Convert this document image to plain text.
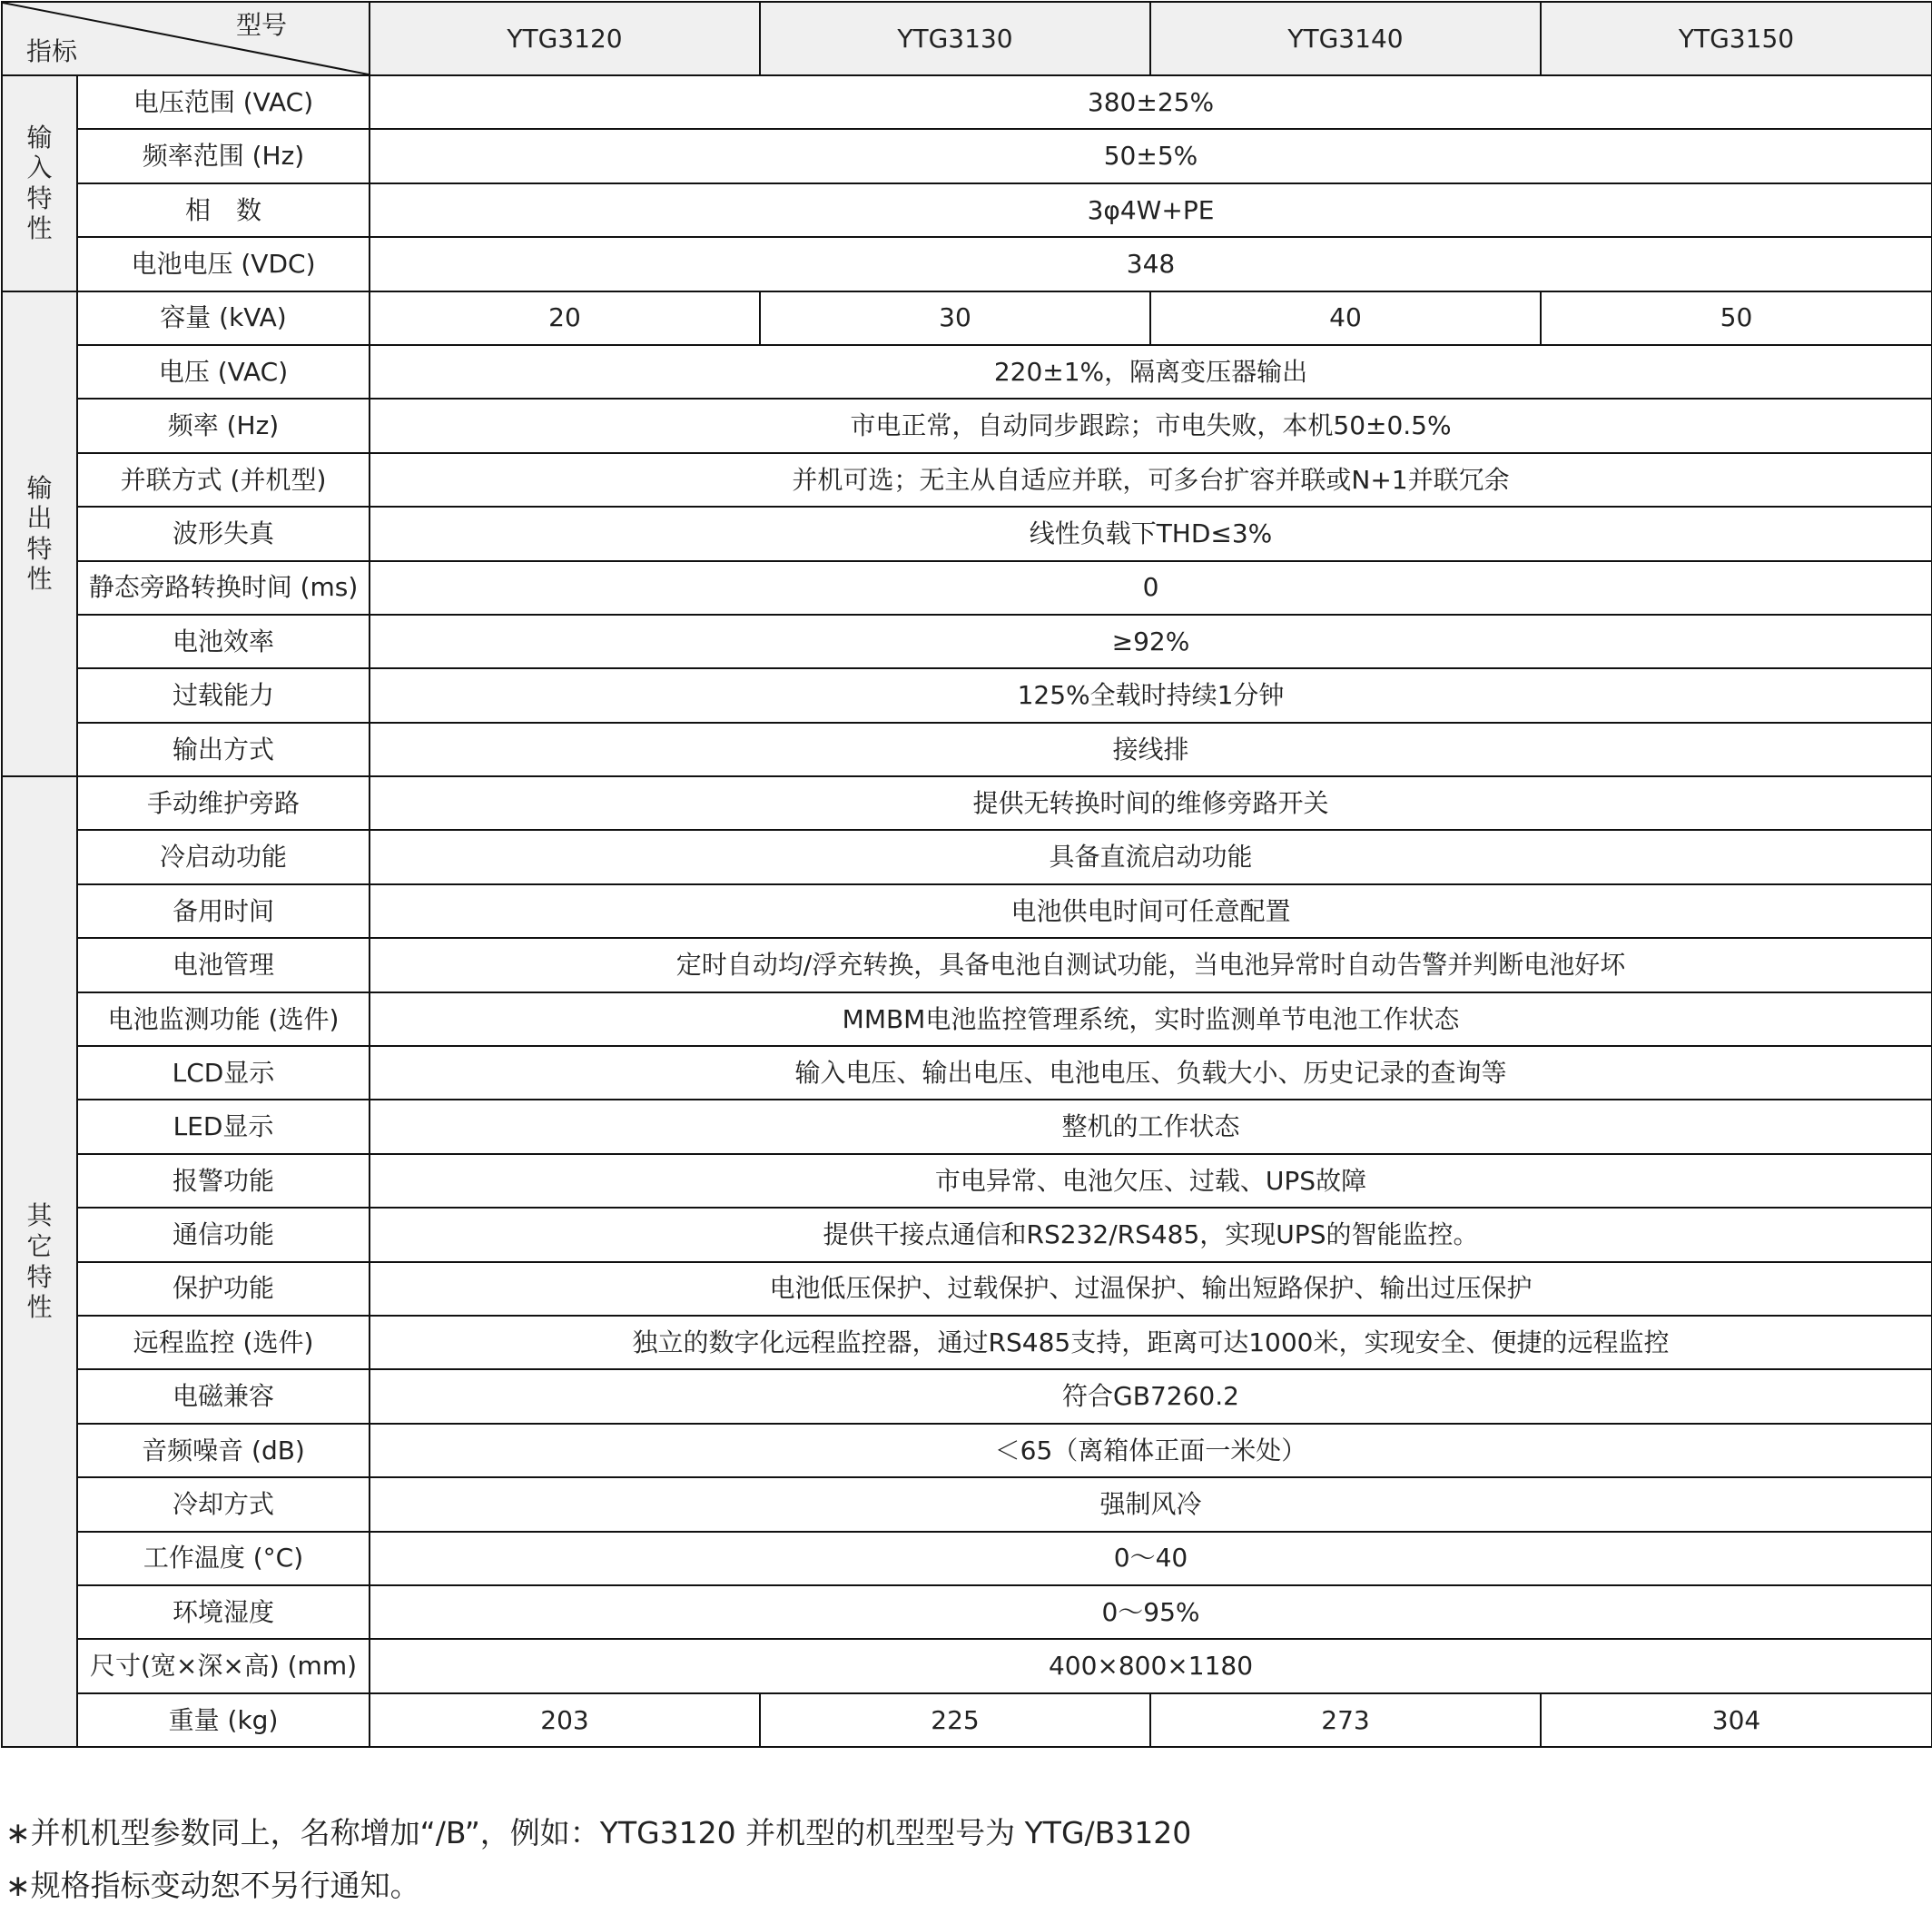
型号
指标		YTG3120	YTG3130	YTG3140	YTG3150
输入特性	电压范围 (VAC)	380±25%			
	频率范围 (Hz)	50±5%			
	相　数	3φ4W+PE			
	电池电压 (VDC)	348			
输出特性	容量 (kVA)	20	30	40	50
	电压 (VAC)	220±1%，隔离变压器输出			
	频率 (Hz)	市电正常，自动同步跟踪；市电失败，本机50±0.5%			
	并联方式 (并机型)	并机可选；无主从自适应并联，可多台扩容并联或N+1并联冗余			
	波形失真	线性负载下THD≤3%			
	静态旁路转换时间 (ms)	0			
	电池效率	≥92%			
	过载能力	125%全载时持续1分钟			
	输出方式	接线排			
其它特性	手动维护旁路	提供无转换时间的维修旁路开关			
	冷启动功能	具备直流启动功能			
	备用时间	电池供电时间可任意配置			
	电池管理	定时自动均/浮充转换，具备电池自测试功能，当电池异常时自动告警并判断电池好坏			
	电池监测功能 (选件)	MMBM电池监控管理系统，实时监测单节电池工作状态			
	LCD显示	输入电压、输出电压、电池电压、负载大小、历史记录的查询等			
	LED显示	整机的工作状态			
	报警功能	市电异常、电池欠压、过载、UPS故障			
	通信功能	提供干接点通信和RS232/RS485，实现UPS的智能监控。			
	保护功能	电池低压保护、过载保护、过温保护、输出短路保护、输出过压保护			
	远程监控 (选件)	独立的数字化远程监控器，通过RS485支持，距离可达1000米，实现安全、便捷的远程监控			
	电磁兼容	符合GB7260.2			
	音频噪音 (dB)	＜65（离箱体正面一米处）			
	冷却方式	强制风冷			
	工作温度 (°C)	0～40			
	环境湿度	0～95%			
	尺寸(宽×深×高) (mm)	400×800×1180			
	重量 (kg)	203	225	273	304
∗并机机型参数同上，名称增加“/B”，例如：YTG3120 并机型的机型型号为 YTG/B3120
∗规格指标变动恕不另行通知。
